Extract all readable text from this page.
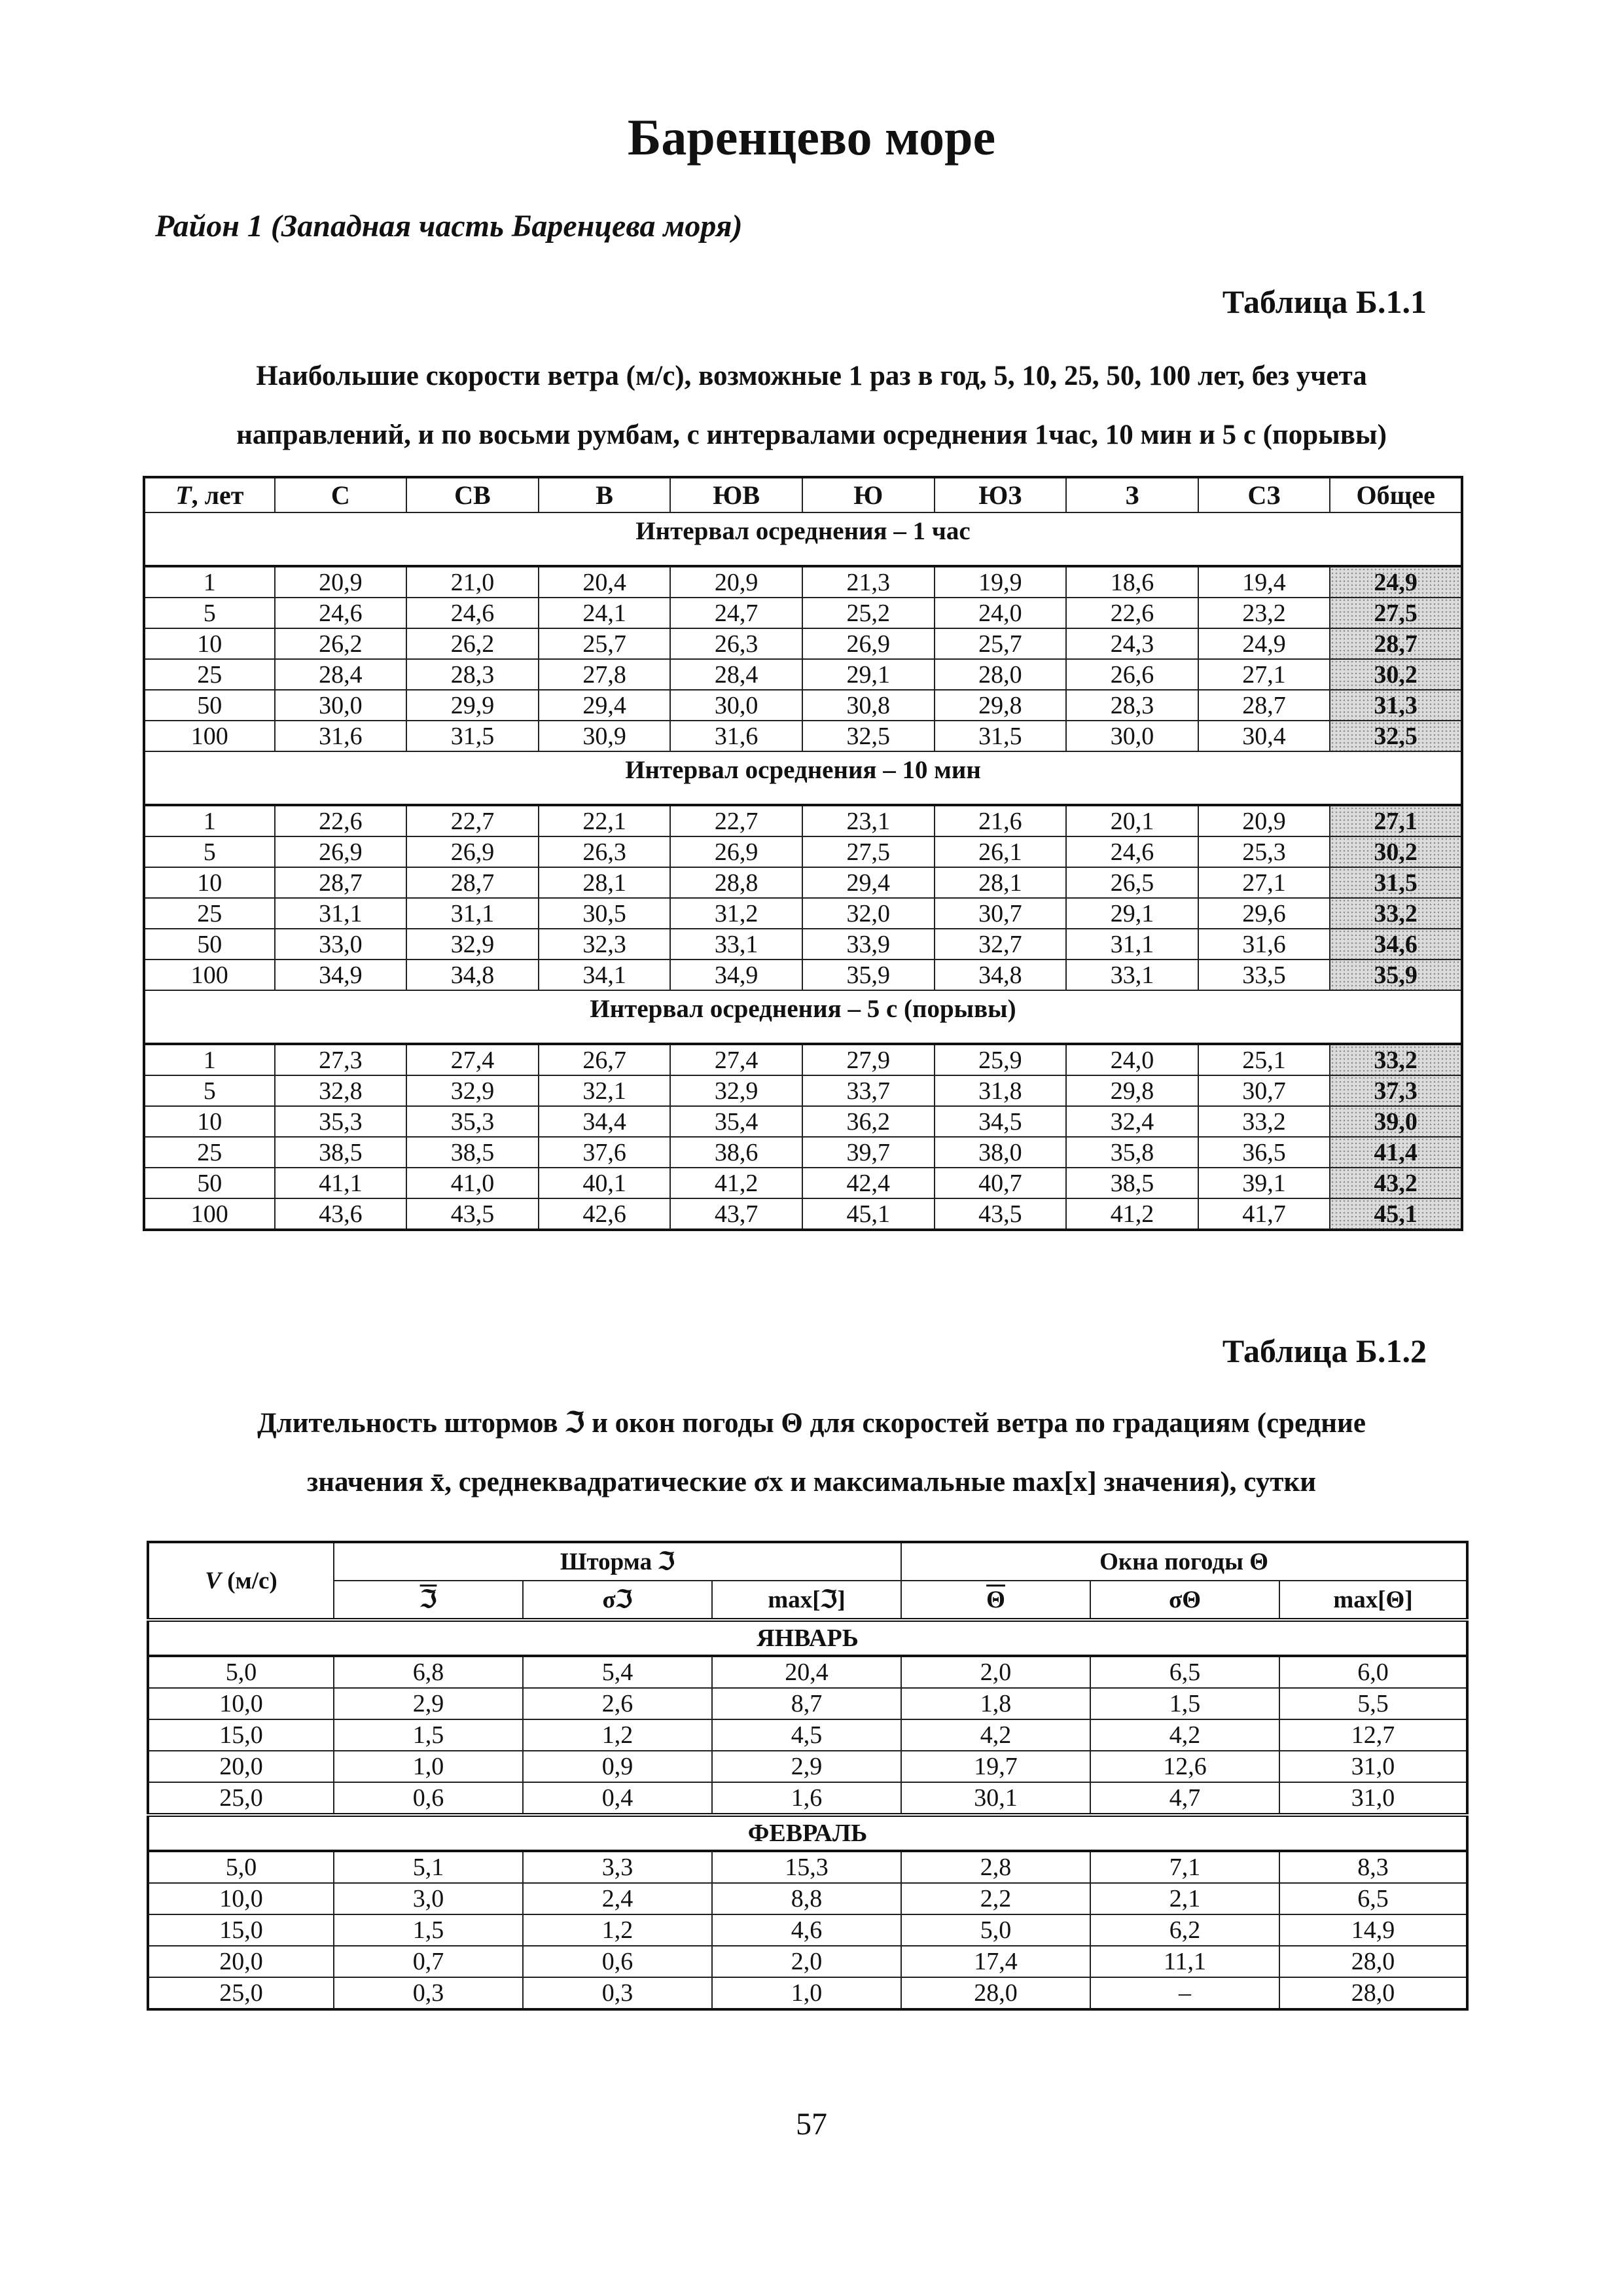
Баренцево море
Район 1 (Западная часть Баренцева моря)
Таблица Б.1.1
Наибольшие скорости ветра (м/с), возможные 1 раз в год, 5, 10, 25, 50, 100 лет, без учета
направлений, и по восьми румбам, с интервалами осреднения 1час, 10 мин и 5 с (порывы)
T, лет	С	СВ	В	ЮВ	Ю	ЮЗ	З	СЗ	Общее
Интервал осреднения – 1 час									
1	20,9	21,0	20,4	20,9	21,3	19,9	18,6	19,4	24,9
5	24,6	24,6	24,1	24,7	25,2	24,0	22,6	23,2	27,5
10	26,2	26,2	25,7	26,3	26,9	25,7	24,3	24,9	28,7
25	28,4	28,3	27,8	28,4	29,1	28,0	26,6	27,1	30,2
50	30,0	29,9	29,4	30,0	30,8	29,8	28,3	28,7	31,3
100	31,6	31,5	30,9	31,6	32,5	31,5	30,0	30,4	32,5
Интервал осреднения – 10 мин									
1	22,6	22,7	22,1	22,7	23,1	21,6	20,1	20,9	27,1
5	26,9	26,9	26,3	26,9	27,5	26,1	24,6	25,3	30,2
10	28,7	28,7	28,1	28,8	29,4	28,1	26,5	27,1	31,5
25	31,1	31,1	30,5	31,2	32,0	30,7	29,1	29,6	33,2
50	33,0	32,9	32,3	33,1	33,9	32,7	31,1	31,6	34,6
100	34,9	34,8	34,1	34,9	35,9	34,8	33,1	33,5	35,9
Интервал осреднения – 5 с (порывы)									
1	27,3	27,4	26,7	27,4	27,9	25,9	24,0	25,1	33,2
5	32,8	32,9	32,1	32,9	33,7	31,8	29,8	30,7	37,3
10	35,3	35,3	34,4	35,4	36,2	34,5	32,4	33,2	39,0
25	38,5	38,5	37,6	38,6	39,7	38,0	35,8	36,5	41,4
50	41,1	41,0	40,1	41,2	42,4	40,7	38,5	39,1	43,2
100	43,6	43,5	42,6	43,7	45,1	43,5	41,2	41,7	45,1
Таблица Б.1.2
Длительность штормов ℑ и окон погоды Θ для скоростей ветра по градациям (средние
значения x̄, среднеквадратические σx и максимальные max[x] значения), сутки
V (м/с)	Шторма ℑ			Окна погоды Θ		
	ℑ	σℑ	max[ℑ]	$\overline{\Theta}$	σΘ	max[Θ]
ЯНВАРЬ						
5,0	6,8	5,4	20,4	2,0	6,5	6,0
10,0	2,9	2,6	8,7	1,8	1,5	5,5
15,0	1,5	1,2	4,5	4,2	4,2	12,7
20,0	1,0	0,9	2,9	19,7	12,6	31,0
25,0	0,6	0,4	1,6	30,1	4,7	31,0
ФЕВРАЛЬ						
5,0	5,1	3,3	15,3	2,8	7,1	8,3
10,0	3,0	2,4	8,8	2,2	2,1	6,5
15,0	1,5	1,2	4,6	5,0	6,2	14,9
20,0	0,7	0,6	2,0	17,4	11,1	28,0
25,0	0,3	0,3	1,0	28,0	–	28,0
57
